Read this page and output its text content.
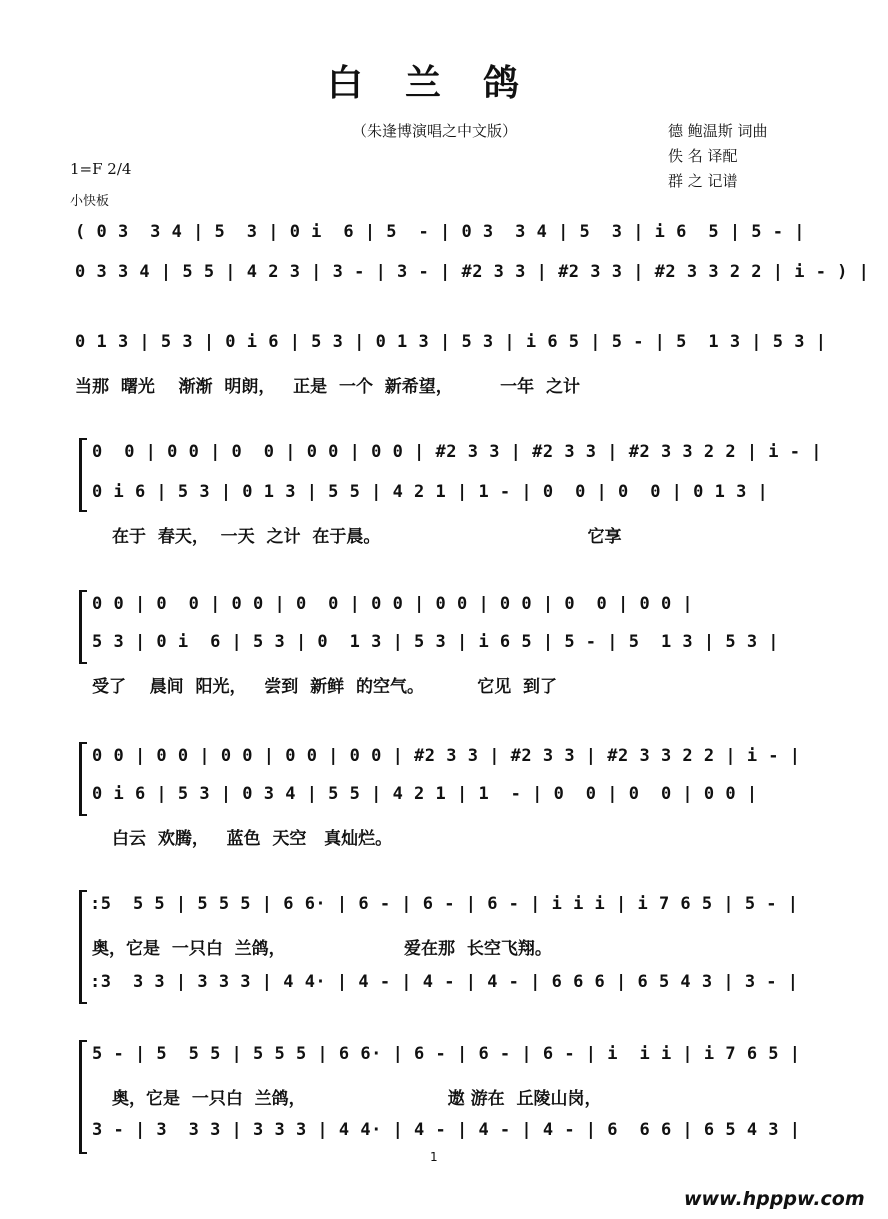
白兰鸽
（朱逢博演唱之中文版）	德 鲍温斯 词曲
佚 名 译配
群 之 记谱
1=F 2/4
小快板
( 0 3  3 4 | 5  3 | 0 i  6 | 5  - | 0 3  3 4 | 5  3 | i 6  5 | 5 - |
0 3 3 4 | 5 5 | 4 2 3 | 3 - | 3 - | #2 3 3 | #2 3 3 | #2 3 3 2 2 | i - ) |
0 1 3 | 5 3 | 0 i 6 | 5 3 | 0 1 3 | 5 3 | i 6 5 | 5 - | 5  1 3 | 5 3 |
当那  曙光    渐渐  明朗，   正是  一个  新希望，        一年  之计
0  0 | 0 0 | 0  0 | 0 0 | 0 0 | #2 3 3 | #2 3 3 | #2 3 3 2 2 | i - |
0 i 6 | 5 3 | 0 1 3 | 5 5 | 4 2 1 | 1 - | 0  0 | 0  0 | 0 1 3 |
在于  春天，  一天  之计  在于晨。                                   它享
0 0 | 0  0 | 0 0 | 0  0 | 0 0 | 0 0 | 0 0 | 0  0 | 0 0 |
5 3 | 0 i  6 | 5 3 | 0  1 3 | 5 3 | i 6 5 | 5 - | 5  1 3 | 5 3 |
受了    晨间  阳光，   尝到  新鲜  的空气。         它见  到了
0 0 | 0 0 | 0 0 | 0 0 | 0 0 | #2 3 3 | #2 3 3 | #2 3 3 2 2 | i - |
0 i 6 | 5 3 | 0 3 4 | 5 5 | 4 2 1 | 1  - | 0  0 | 0  0 | 0 0 |
白云  欢腾，   蓝色  天空   真灿烂。
:5  5 5 | 5 5 5 | 6 6· | 6 - | 6 - | 6 - | i i i | i 7 6 5 | 5 - |
奥，它是  一只白  兰鸽，                    爱在那  长空飞翔。
:3  3 3 | 3 3 3 | 4 4· | 4 - | 4 - | 4 - | 6 6 6 | 6 5 4 3 | 3 - |
5 - | 5  5 5 | 5 5 5 | 6 6· | 6 - | 6 - | 6 - | i  i i | i 7 6 5 |
奥，它是  一只白  兰鸽，                        遨 游在  丘陵山岗，
3 - | 3  3 3 | 3 3 3 | 4 4· | 4 - | 4 - | 4 - | 6  6 6 | 6 5 4 3 |
1
www.hpppw.com
